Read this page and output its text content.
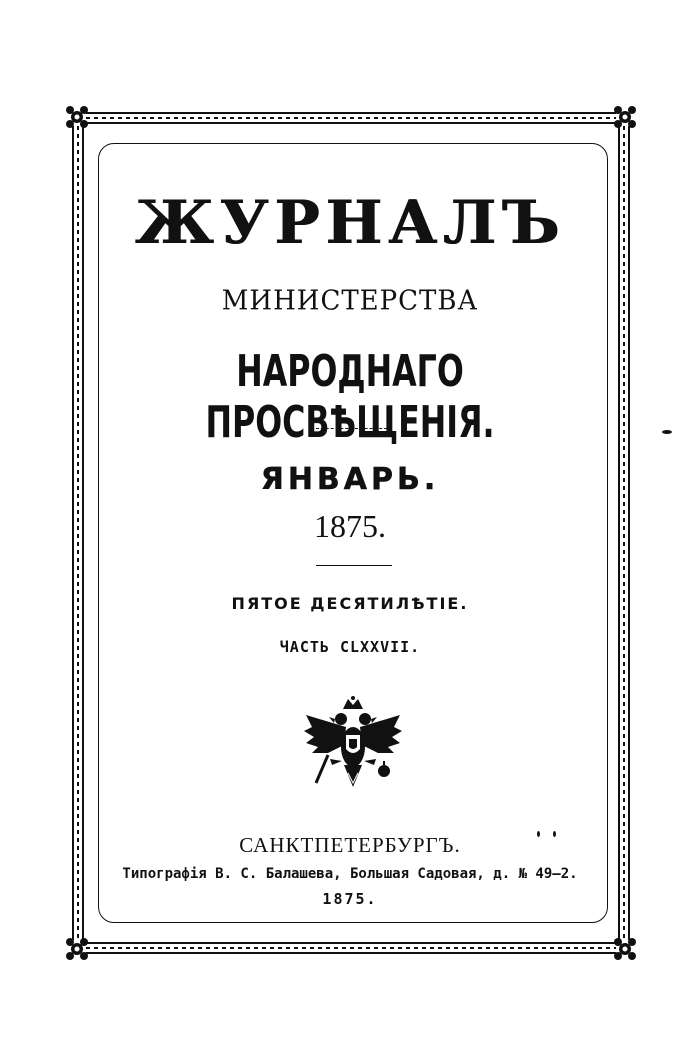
ЖУРНАЛЪ
МИНИСТЕРСТВА
НАРОДНАГО ПРОСВѢЩЕНІЯ.
ЯНВАРЬ.
1875.
ПЯТОЕ ДЕСЯТИЛѢТІЕ.
ЧАСТЬ CLXXVII.
САНКТПЕТЕРБУРГЪ.
Типографія В. С. Балашева, Большая Садовая, д. № 49—2.
1875.
